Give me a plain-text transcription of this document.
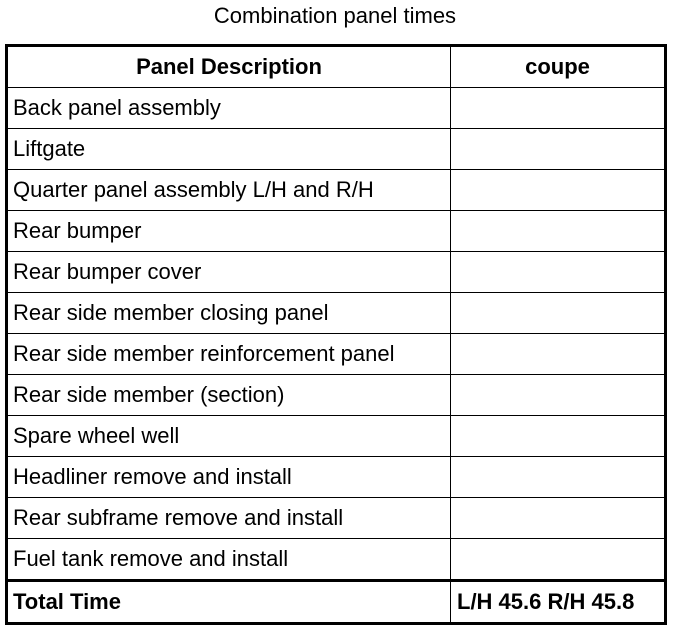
Combination panel times
Panel Description	coupe
Back panel assembly	
Liftgate	
Quarter panel assembly L/H and R/H	
Rear bumper	
Rear bumper cover	
Rear side member closing panel	
Rear side member reinforcement panel	
Rear side member (section)	
Spare wheel well	
Headliner remove and install	
Rear subframe remove and install	
Fuel tank remove and install	
Total Time	L/H 45.6 R/H 45.8
